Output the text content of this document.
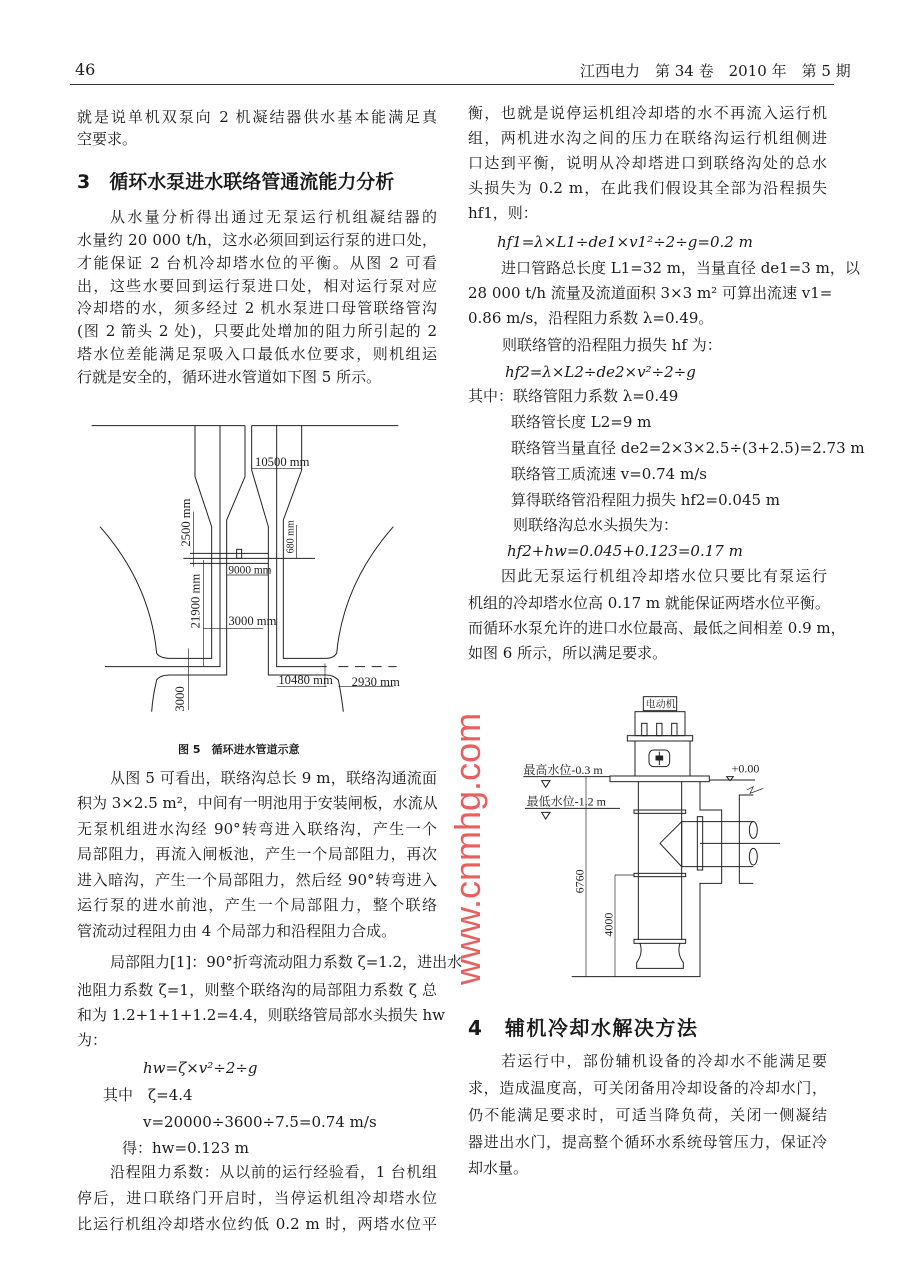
46	江西电力　第 34 卷　2010 年　第 5 期
就是说单机双泵向 2 机凝结器供水基本能满足真
空要求。
3　循环水泵进水联络管通流能力分析
从水量分析得出通过无泵运行机组凝结器的
水量约 20 000 t/h，这水必须回到运行泵的进口处，
才能保证 2 台机冷却塔水位的平衡。从图 2 可看
出，这些水要回到运行泵进口处，相对运行泵对应
冷却塔的水，须多经过 2 机水泵进口母管联络管沟
(图 2 箭头 2 处)，只要此处增加的阻力所引起的 2
塔水位差能满足泵吸入口最低水位要求，则机组运
行就是安全的，循环进水管道如下图 5 所示。
10500 mm
9000 mm
3000 mm
10480 mm 2930 mm
2500 mm	680 mm
21900 mm
3000
图 5　循环进水管道示意
从图 5 可看出，联络沟总长 9 m，联络沟通流面
积为 3×2.5 m²，中间有一明池用于安装闸板，水流从
无泵机组进水沟经 90°转弯进入联络沟，产生一个
局部阻力，再流入闸板池，产生一个局部阻力，再次
进入暗沟，产生一个局部阻力，然后经 90°转弯进入
运行泵的进水前池，产生一个局部阻力，整个联络
管流动过程阻力由 4 个局部力和沿程阻力合成。
局部阻力[1]：90°折弯流动阻力系数 ζ=1.2，进出水
池阻力系数 ζ=1，则整个联络沟的局部阻力系数 ζ 总
和为 1.2+1+1+1.2=4.4，则联络管局部水头损失 hw
为：
hw=ζ×v²÷2÷g
其中　ζ=4.4
v=20000÷3600÷7.5=0.74 m/s
得：hw=0.123 m
沿程阻力系数：从以前的运行经验看，1 台机组
停后，进口联络门开启时，当停运机组冷却塔水位
比运行机组冷却塔水位约低 0.2 m 时，两塔水位平
衡，也就是说停运机组冷却塔的水不再流入运行机
组，两机进水沟之间的压力在联络沟运行机组侧进
口达到平衡，说明从冷却塔进口到联络沟处的总水
头损失为 0.2 m，在此我们假设其全部为沿程损失
hf1，则：
hf1=λ×L1÷de1×v1²÷2÷g=0.2 m
进口管路总长度 L1=32 m，当量直径 de1=3 m，以
28 000 t/h 流量及流道面积 3×3 m² 可算出流速 v1=
0.86 m/s，沿程阻力系数 λ=0.49。
则联络管的沿程阻力损失 hf 为：
hf2=λ×L2÷de2×v²÷2÷g
其中：联络管阻力系数 λ=0.49
联络管长度 L2=9 m
联络管当量直径 de2=2×3×2.5÷(3+2.5)=2.73 m
联络管工质流速 v=0.74 m/s
算得联络管沿程阻力损失 hf2=0.045 m
则联络沟总水头损失为：
hf2+hw=0.045+0.123=0.17 m
因此无泵运行机组冷却塔水位只要比有泵运行
机组的冷却塔水位高 0.17 m 就能保证两塔水位平衡。
而循环水泵允许的进口水位最高、最低之间相差 0.9 m，
如图 6 所示，所以满足要求。
电动机
最高水位-0.3 m
最低水位-1.2 m
+0.00
6760
4000
4　辅机冷却水解决方法
若运行中，部份辅机设备的冷却水不能满足要
求，造成温度高，可关闭备用冷却设备的冷却水门，
仍不能满足要求时，可适当降负荷，关闭一侧凝结
器进出水门，提高整个循环水系统母管压力，保证冷
却水量。
www.cnmhg.com
